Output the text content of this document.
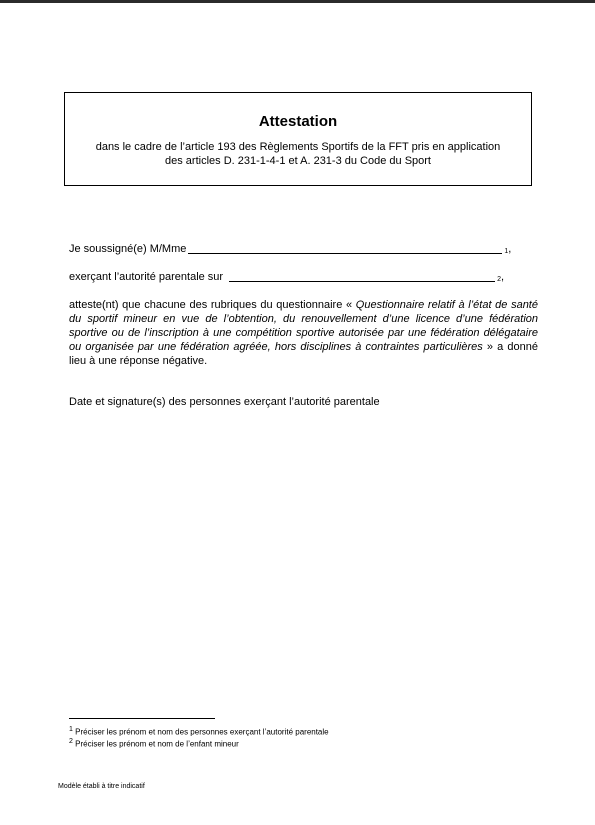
Attestation
dans le cadre de l’article 193 des Règlements Sportifs de la FFT pris en application
des articles D. 231-1-4-1 et A. 231-3 du Code du Sport
Je soussigné(e) M/Mme	1 ,
exerçant l’autorité parentale sur	2 ,
atteste(nt) que chacune des rubriques du questionnaire « Questionnaire relatif à l’état de santé du sportif mineur en vue de l’obtention, du renouvellement d’une licence d’une fédération sportive ou de l’inscription à une compétition sportive autorisée par une fédération délégataire ou organisée par une fédération agréée, hors disciplines à contraintes particulières » a donné lieu à une réponse négative.
Date et signature(s) des personnes exerçant l’autorité parentale
1 Préciser les prénom et nom des personnes exerçant l’autorité parentale
2 Préciser les prénom et nom de l’enfant mineur
Modèle établi à titre indicatif
